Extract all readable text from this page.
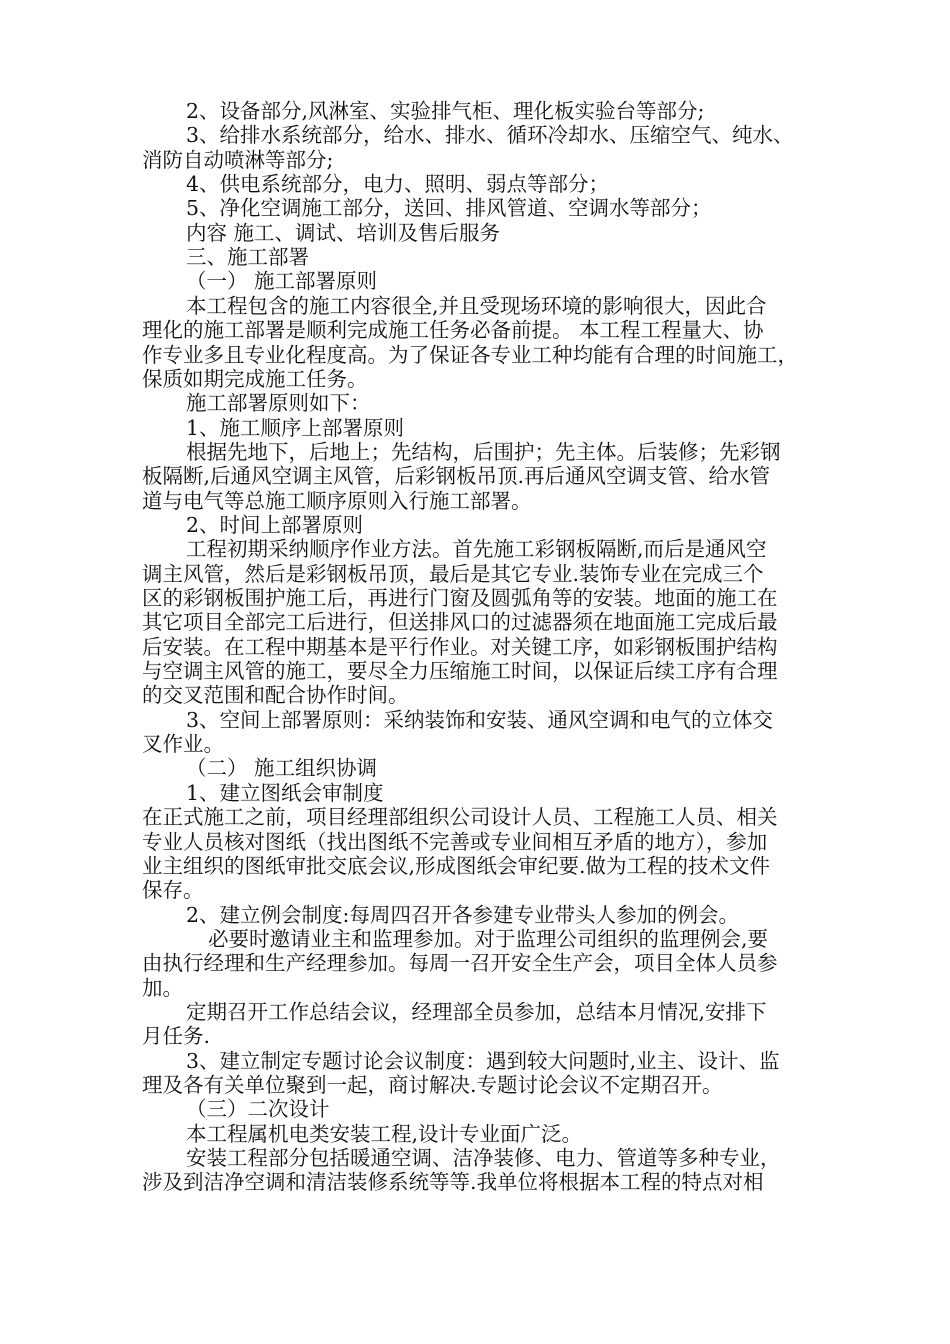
2、设备部分,风淋室、实验排气柜、理化板实验台等部分;
3、给排水系统部分，给水、排水、循环冷却水、压缩空气、纯水、
消防自动喷淋等部分;
4、供电系统部分，电力、照明、弱点等部分；
5、净化空调施工部分，送回、排风管道、空调水等部分；
内容 施工、调试、培训及售后服务
三、施工部署
（一） 施工部署原则
本工程包含的施工内容很全,并且受现场环境的影响很大，因此合
理化的施工部署是顺利完成施工任务必备前提。 本工程工程量大、协
作专业多且专业化程度高。为了保证各专业工种均能有合理的时间施工，
保质如期完成施工任务。
施工部署原则如下：
1、施工顺序上部署原则
根据先地下，后地上；先结构，后围护；先主体。后装修；先彩钢
板隔断,后通风空调主风管，后彩钢板吊顶.再后通风空调支管、给水管
道与电气等总施工顺序原则入行施工部署。
2、时间上部署原则
工程初期采纳顺序作业方法。首先施工彩钢板隔断,而后是通风空
调主风管，然后是彩钢板吊顶，最后是其它专业.装饰专业在完成三个
区的彩钢板围护施工后，再进行门窗及圆弧角等的安装。地面的施工在
其它项目全部完工后进行，但送排风口的过滤器须在地面施工完成后最
后安装。在工程中期基本是平行作业。对关键工序，如彩钢板围护结构
与空调主风管的施工，要尽全力压缩施工时间，以保证后续工序有合理
的交叉范围和配合协作时间。
3、空间上部署原则：采纳装饰和安装、通风空调和电气的立体交
叉作业。
（二） 施工组织协调
1、建立图纸会审制度
在正式施工之前，项目经理部组织公司设计人员、工程施工人员、相关
专业人员核对图纸（找出图纸不完善或专业间相互矛盾的地方），参加
业主组织的图纸审批交底会议,形成图纸会审纪要.做为工程的技术文件
保存。
2、建立例会制度:每周四召开各参建专业带头人参加的例会。
必要时邀请业主和监理参加。对于监理公司组织的监理例会,要
由执行经理和生产经理参加。每周一召开安全生产会，项目全体人员参
加。
定期召开工作总结会议，经理部全员参加，总结本月情况,安排下
月任务.
3、建立制定专题讨论会议制度：遇到较大问题时,业主、设计、监
理及各有关单位聚到一起，商讨解决.专题讨论会议不定期召开。
（三）二次设计
本工程属机电类安装工程,设计专业面广泛。
安装工程部分包括暖通空调、洁净装修、电力、管道等多种专业，
涉及到洁净空调和清洁装修系统等等.我单位将根据本工程的特点对相
